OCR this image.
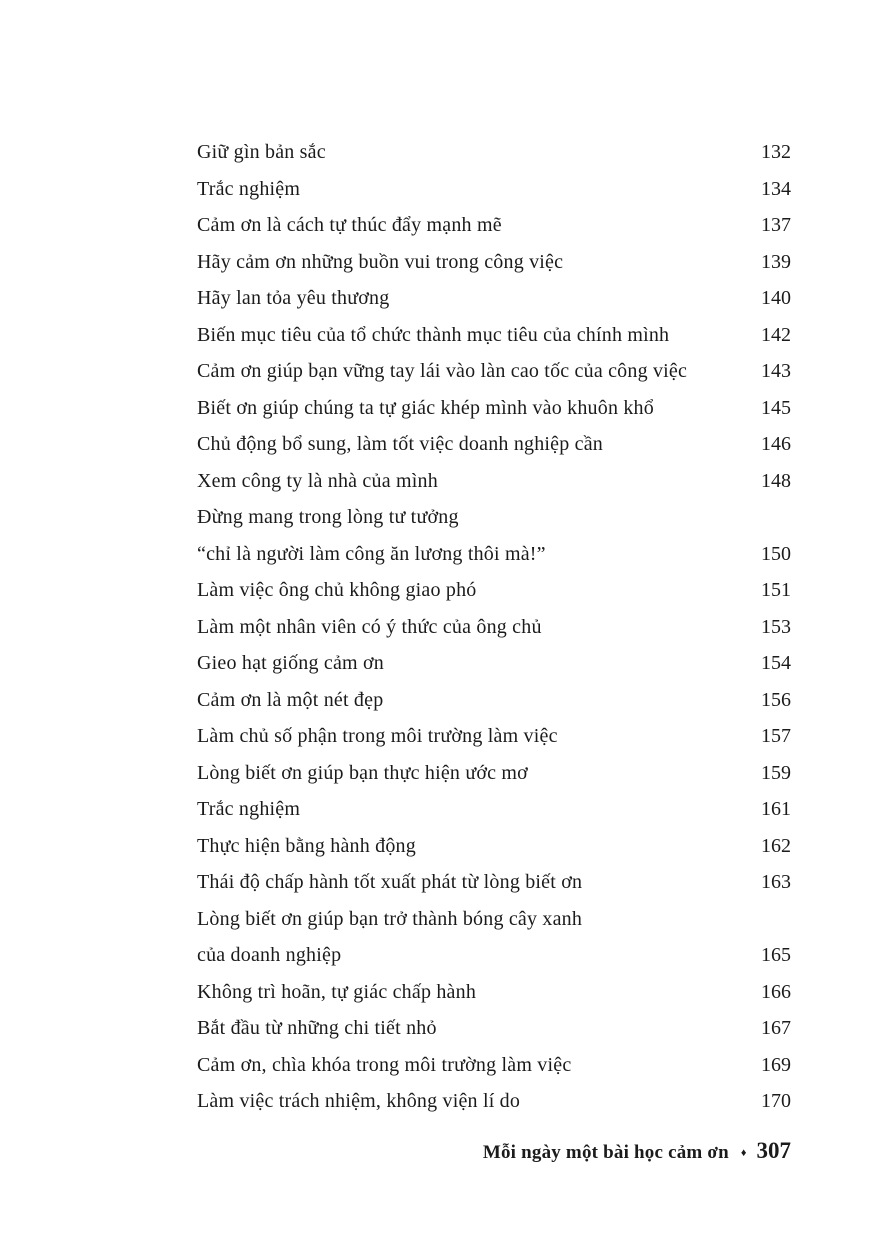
Giữ gìn bản sắc	132
Trắc nghiệm	134
Cảm ơn là cách tự thúc đẩy mạnh mẽ	137
Hãy cảm ơn những buồn vui trong công việc	139
Hãy lan tỏa yêu thương	140
Biến mục tiêu của tổ chức thành mục tiêu của chính mình	142
Cảm ơn giúp bạn vững tay lái vào làn cao tốc của công việc	143
Biết ơn giúp chúng ta tự giác khép mình vào khuôn khổ	145
Chủ động bổ sung, làm tốt việc doanh nghiệp cần	146
Xem công ty là nhà của mình	148
Đừng mang trong lòng tư tưởng
“chỉ là người làm công ăn lương thôi mà!”	150
Làm việc ông chủ không giao phó	151
Làm một nhân viên có ý thức của ông chủ	153
Gieo hạt giống cảm ơn	154
Cảm ơn là một nét đẹp	156
Làm chủ số phận trong môi trường làm việc	157
Lòng biết ơn giúp bạn thực hiện ước mơ	159
Trắc nghiệm	161
Thực hiện bằng hành động	162
Thái độ chấp hành tốt xuất phát từ lòng biết ơn	163
Lòng biết ơn giúp bạn trở thành bóng cây xanh
của doanh nghiệp	165
Không trì hoãn, tự giác chấp hành	166
Bắt đầu từ những chi tiết nhỏ	167
Cảm ơn, chìa khóa trong môi trường làm việc	169
Làm việc trách nhiệm, không viện lí do	170
Mỗi ngày một bài học cảm ơn ♦ 307
